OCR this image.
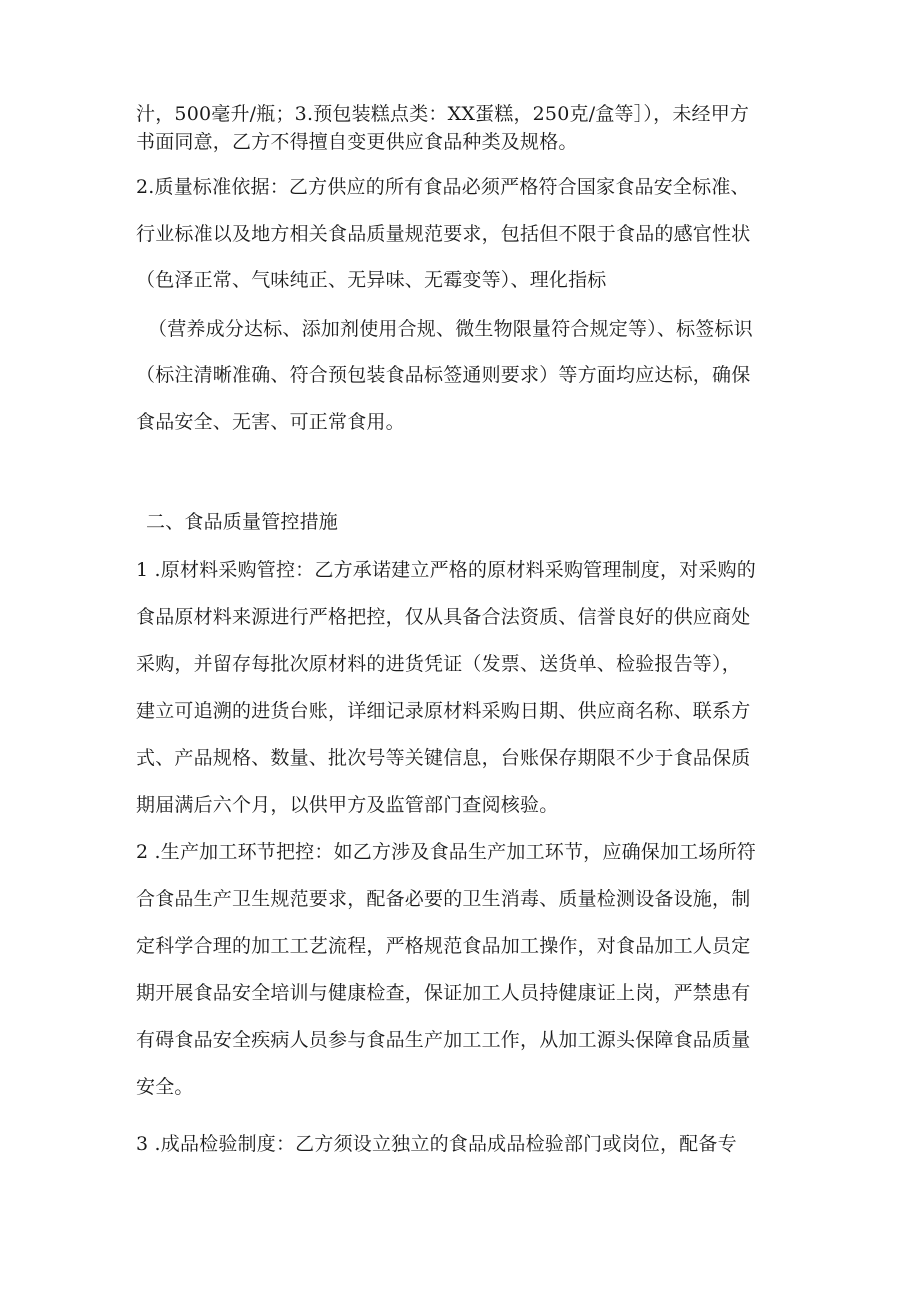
汁，500毫升/瓶；3.预包装糕点类：XX蛋糕，250克/盒等］），未经甲方
书面同意，乙方不得擅自变更供应食品种类及规格。
2.质量标准依据：乙方供应的所有食品必须严格符合国家食品安全标准、
行业标准以及地方相关食品质量规范要求，包括但不限于食品的感官性状
（色泽正常、气味纯正、无异味、无霉变等）、理化指标
（营养成分达标、添加剂使用合规、微生物限量符合规定等）、标签标识
（标注清晰准确、符合预包装食品标签通则要求）等方面均应达标，确保
食品安全、无害、可正常食用。
二、食品质量管控措施
1 .原材料采购管控：乙方承诺建立严格的原材料采购管理制度，对采购的
食品原材料来源进行严格把控，仅从具备合法资质、信誉良好的供应商处
采购，并留存每批次原材料的进货凭证（发票、送货单、检验报告等），
建立可追溯的进货台账，详细记录原材料采购日期、供应商名称、联系方
式、产品规格、数量、批次号等关键信息，台账保存期限不少于食品保质
期届满后六个月，以供甲方及监管部门查阅核验。
2 .生产加工环节把控：如乙方涉及食品生产加工环节，应确保加工场所符
合食品生产卫生规范要求，配备必要的卫生消毒、质量检测设备设施，制
定科学合理的加工工艺流程，严格规范食品加工操作，对食品加工人员定
期开展食品安全培训与健康检查，保证加工人员持健康证上岗，严禁患有
有碍食品安全疾病人员参与食品生产加工工作，从加工源头保障食品质量
安全。
3 .成品检验制度：乙方须设立独立的食品成品检验部门或岗位，配备专
